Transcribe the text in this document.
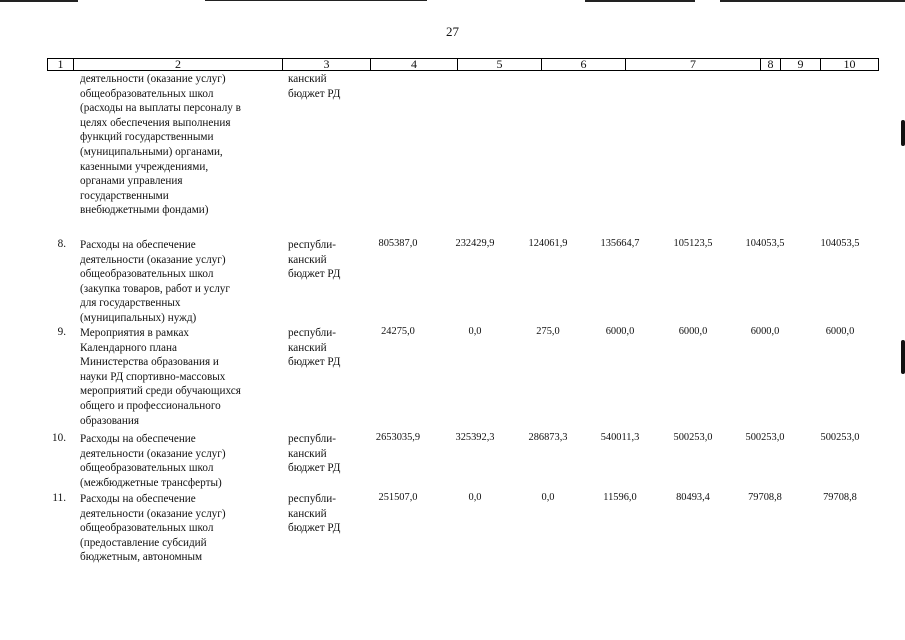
27
1	2	3	4	5	6	7	8	9	10
деятельности (оказание услуг)
общеобразовательных школ
(расходы на выплаты персоналу в
целях обеспечения выполнения
функций государственными
(муниципальными) органами,
казенными учреждениями,
органами управления
государственными
внебюджетными фондами)
канский
бюджет РД
8. Расходы на обеспечение
деятельности (оказание услуг)
общеобразовательных школ
(закупка товаров, работ и услуг
для государственных
(муниципальных) нужд)
республи-
канский
бюджет РД
805387,0	232429,9	124061,9	135664,7	105123,5	104053,5	104053,5
9. Мероприятия в рамках
Календарного плана
Министерства образования и
науки РД спортивно-массовых
мероприятий среди обучающихся
общего и профессионального
образования
республи-
канский
бюджет РД
24275,0	0,0	275,0	6000,0	6000,0	6000,0	6000,0
10. Расходы на обеспечение
деятельности (оказание услуг)
общеобразовательных школ
(межбюджетные трансферты)
республи-
канский
бюджет РД
2653035,9	325392,3	286873,3	540011,3	500253,0	500253,0	500253,0
11. Расходы на обеспечение
деятельности (оказание услуг)
общеобразовательных школ
(предоставление субсидий
бюджетным, автономным
республи-
канский
бюджет РД
251507,0	0,0	0,0	11596,0	80493,4	79708,8	79708,8
